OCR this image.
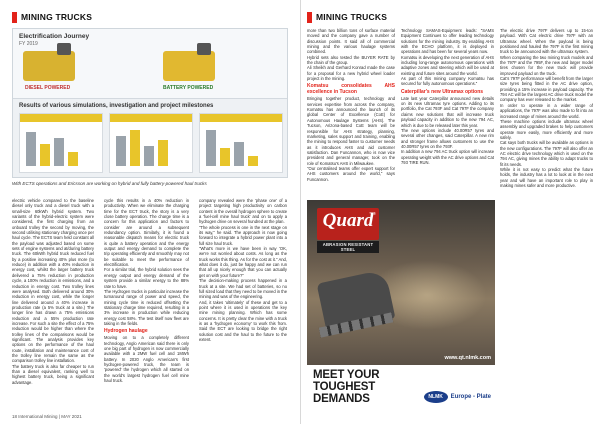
MINING TRUCKS
Electrification Journey
FY 2019
DIESEL POWERED	BATTERY POWERED
Results of various simulations, investigation and project milestones
With ECTS operations and Ericsson are working on hybrid and fully battery-powered haul trucks

electric vehicle compared to the baseline diesel only truck and a diesel truck with a small-size 60kWh hybrid system. Two variants of the hybrid-electric system were considered, the first charging from an onboard trolley the second by moving, the second utilising stationary charging once per haul cycle. The ECTS team held constant all the payload was adjusted based on some sets of engine systems and at/during battery truck. The 60kWh hybrid truck reduced fuel by a positive increasing 40% plus more (to reduce) in addition with a 40% reduction in energy cost, whilst the larger battery truck delivered a 75% reduction in production cycle, a 100% reduction in emissions, and a reduction in energy cost. Two trolley lines were analysed. Both delivered around 30% reduction in energy cost, while the longer line delivered around a 40% increase in production rate (a 5% truck at a site.) The longer line has drawn a 75% emissions reduction and a 55% production rate increase. For such a site the effect of a 75% reduction would be higher than where the trolley lines of the comparisons would be significant. The analysis provides key options on the performance of the haul route, installation and maintenance cost of the trolley line remain the same as the comparison trolley line installation.

The battery truck is also far cheaper to run than a diesel equivalent, ranking well to highest battery truck, being a significant advantage.

cycle this results in a 40% reduction in productivity. When we eliminate the charging time for the ECT truck, the story is a very close battery operation. The charge time is a concern for this application and factors to consider are around a subsequent redundancy option. Similarly, it is found a reasonable dispatch means for electric truck is quite a battery operation and the energy output and energy demand to complete the trip operating efficiently and smoothly may not be suitable to meet the performance of electrification.

For a similar trial, the hybrid solution sees the energy output and energy demand of the system provide a similar energy to the 88% rate to have.

The Hydrogen trucks in particular increase the turnaround range of power and speed, the mining cycle time is reduced offsetting the stationary charge time required, resulting in a 3% increase in production while reducing energy cost 58%. The test itself now fleet are taking in the fields.

Hydrogen haulage

Moving on to a completely different technology, Anglo American said there is only one big part of hydrogen is now commercially available with a 2MW fuel cell and 1MWh battery. In 2020 Anglo American's first hydrogen-powered truck, the team is 'powered' the hydrogen which all started on the world's largest hydrogen fuel cell mine haul truck.

company revealed were the 'phase one' of a project targeting high productivity on carbon content in the overall hydrogen sphere to create a 'fuel-cell mine haul truck' and on to apply a hydrogen drive on several hundred at the plan.

"The whole process is one in the next stage on its way," he said. The approach is now going forward to integrate a hybrid power plant into a full size haul truck.

"What's more is we have been in way 'OK, we're not worried about costs. As long as the truck works this thing. As for the cost at it." And, what does it do, just be happy and we can run that all up nicely enough that you can actually get on with your future?"

The decision-making process happened in a truck at a site. We had set of batteries, so no full sized load that they need to be moved in the mining and was of the engineering.

And, it takes 'ultimately' of these and get to a point where it is used in operations the key mine mining planning. Which has some concerns. It is pretty clear the mine with a truck is as a 'hydrogen economy' to work this from. Said the ECT are looking to bridge the right solution cost and the haul to the future to the extent.

18 International Mining | MAY 2021
MINING TRUCKS

more than two billion tons of surface material moved and the company gave a number of discussion points. It said all of commercial mining and the various haulage systems combined.

Hybrid sets also tested the BUYER RATE by the chain of the group.

Ali Sheikh and Gerhard Konrad made the case for a proposal for a new hybrid wheel loader project in the mining.

Komatsu consolidates AHS excellence in Tucson

Bringing together product, technology and services expertise from across the company, Komatsu has announced the launch of its global Center of Excellence (CoE) for Autonomous Haulage Systems (AHS). The Tucson, Arizona-based CoE team will be responsible for AHS strategy, planning, marketing, sales support and training, enabling the mining to respond faster to customer needs as it introduces AHS and aid customer satisfaction. Dan Funcannon, who is now vice president and general manager, took on the role of Komatsu's AHS in Milwaukee.

"Our centralised teams offer expert support for AHS customers around the world," says Funcannon.

Technology SAMAS-Equipment leads: "SAMS Equipment Continues to offer leading technology solutions for the mining industry. By enabling AHS with the ECHO platform, it is deployed in operations and has been for several years now.

Komatsu is developing the next generation of AHS including long-range autonomous operations with adaptive zones and steering which will be used at existing and future sites around the world.

As part of this mining company Komatsu has secured for fully autonomous operations."

Caterpillar's new Ultramax options

Late last year Caterpillar announced new details on its new Ultramax tyre options. Adding to its portfolio, the Cat 793F and Cat 797F the company claims new solutions that will increase truck payload capacity in addition to the new 794 AC, which is due to be released later this year.

The new options include 40.00R57 tyres and several other changes, said Caterpillar. A new rim and stronger frame allows customers to use the 40.00R57 tyres on the 793F.

In addition a new 794 AC truck option will increase operating weight with the AC drive options and Cat 793 TIRE RUN.

The electric drive 797F delivers up to 15-ton payload. With Cat electric drive 797F with an Ultramax wheel. When the payload is being positioned and hauled the 797F is the first mining truck to be announced with the ultramax system.

When comparing the two mining truck models and the 797F and the 795F, the new and larger model tires chosen for the new truck will provide improved payload on the truck.

Cat's 797F performance will benefit from the larger size tyres being fitted in the AC drive option, providing a 15% increase in payload capacity. The 794 AC will be the largest AC drive truck model the company has ever released to the market.

In order to operate in a wider range of applications, the 797F was also made to fit into an increased range of mines around the world.

These machine options include ultramax wheel assembly and upgraded brakes to help customers operate more easily, more efficiently and more safely.

Cat says both trucks will be available as options in the new configurations. The 797F will also offer an AC electric drive technology which is used on the 794 AC, giving mines the ability to adapt trucks to fit its needs.

While it is not easy to predict what the future holds, the industry has a lot to look at in the next year and will have an important role to play in making mines safer and more productive.

Quard ®
ABRASION RESISTANT STEEL
www.qt.nlmk.com
MEET YOUR TOUGHEST DEMANDS	NLMK	Europe - Plate
